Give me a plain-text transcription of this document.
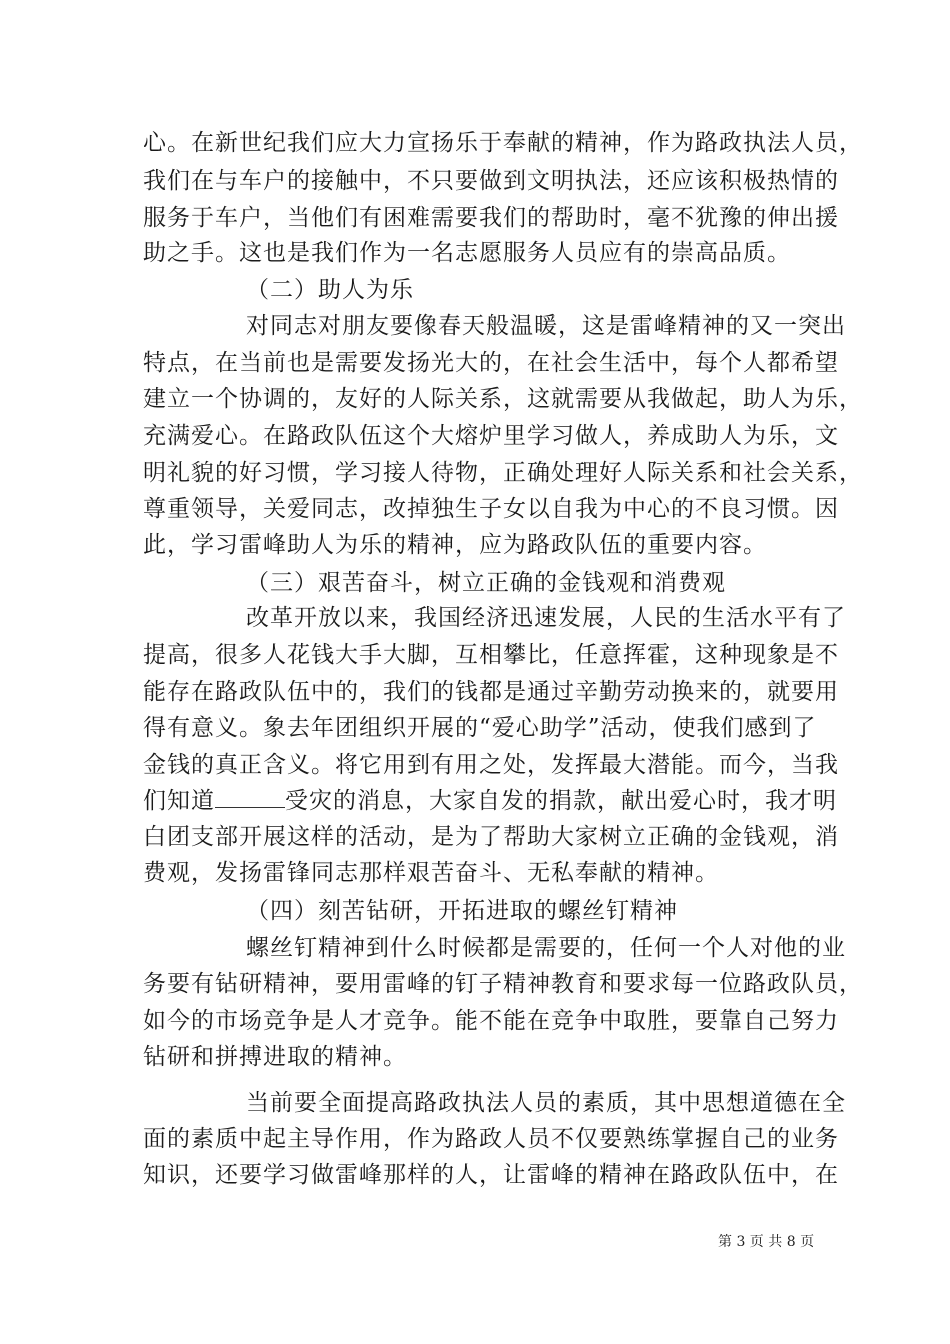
心。在新世纪我们应大力宣扬乐于奉献的精神，作为路政执法人员，
我们在与车户的接触中，不只要做到文明执法，还应该积极热情的
服务于车户，当他们有困难需要我们的帮助时，毫不犹豫的伸出援
助之手。这也是我们作为一名志愿服务人员应有的崇高品质。
（二）助人为乐
对同志对朋友要像春天般温暖，这是雷峰精神的又一突出
特点，在当前也是需要发扬光大的，在社会生活中，每个人都希望
建立一个协调的，友好的人际关系，这就需要从我做起，助人为乐，
充满爱心。在路政队伍这个大熔炉里学习做人，养成助人为乐，文
明礼貌的好习惯，学习接人待物，正确处理好人际关系和社会关系，
尊重领导，关爱同志，改掉独生子女以自我为中心的不良习惯。因
此，学习雷峰助人为乐的精神，应为路政队伍的重要内容。
（三）艰苦奋斗，树立正确的金钱观和消费观
改革开放以来，我国经济迅速发展，人民的生活水平有了
提高，很多人花钱大手大脚，互相攀比，任意挥霍，这种现象是不
能存在路政队伍中的，我们的钱都是通过辛勤劳动换来的，就要用
得有意义。象去年团组织开展的“爱心助学”活动，使我们感到了
金钱的真正含义。将它用到有用之处，发挥最大潜能。而今，当我
们知道	受灾的消息，大家自发的捐款，献出爱心时，我才明
白团支部开展这样的活动，是为了帮助大家树立正确的金钱观，消
费观，发扬雷锋同志那样艰苦奋斗、无私奉献的精神。
（四）刻苦钻研，开拓进取的螺丝钉精神
螺丝钉精神到什么时候都是需要的，任何一个人对他的业
务要有钻研精神，要用雷峰的钉子精神教育和要求每一位路政队员，
如今的市场竞争是人才竞争。能不能在竞争中取胜，要靠自己努力
钻研和拼搏进取的精神。
当前要全面提高路政执法人员的素质，其中思想道德在全
面的素质中起主导作用，作为路政人员不仅要熟练掌握自己的业务
知识，还要学习做雷峰那样的人，让雷峰的精神在路政队伍中，在
第 3 页 共 8 页
